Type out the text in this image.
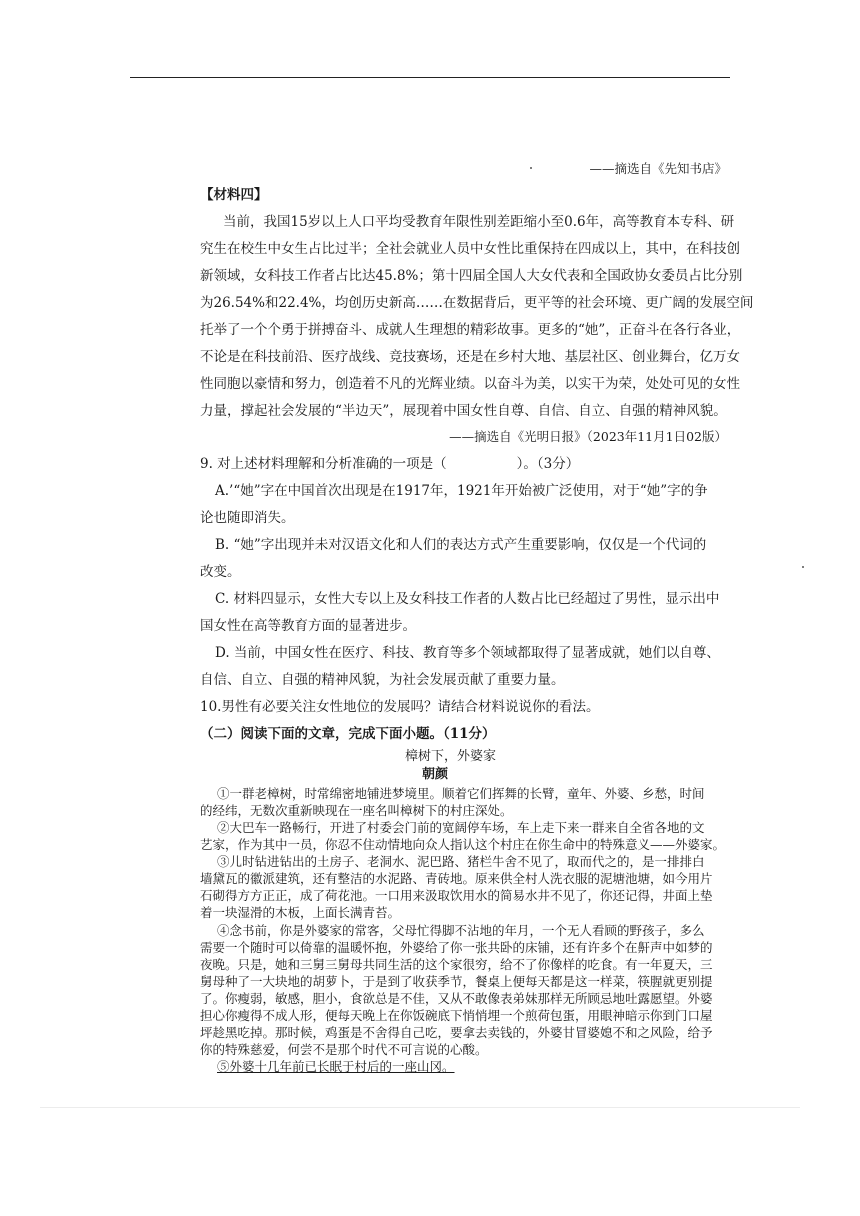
——摘选自《先知书店》
【材料四】
当前，我国15岁以上人口平均受教育年限性别差距缩小至0.6年，高等教育本专科、研
究生在校生中女生占比过半；全社会就业人员中女性比重保持在四成以上，其中，在科技创
新领域，女科技工作者占比达45.8%；第十四届全国人大女代表和全国政协女委员占比分别
为26.54%和22.4%，均创历史新高……在数据背后，更平等的社会环境、更广阔的发展空间
托举了一个个勇于拼搏奋斗、成就人生理想的精彩故事。更多的“她”，正奋斗在各行各业，
不论是在科技前沿、医疗战线、竞技赛场，还是在乡村大地、基层社区、创业舞台，亿万女
性同胞以豪情和努力，创造着不凡的光辉业绩。以奋斗为美，以实干为荣，处处可见的女性
力量，撑起社会发展的“半边天”，展现着中国女性自尊、自信、自立、自强的精神风貌。
——摘选自《光明日报》（2023年11月1日02版）
9. 对上述材料理解和分析准确的一项是（	）。（3分）
A.’“她”字在中国首次出现是在1917年，1921年开始被广泛使用，对于“她”字的争
论也随即消失。
B. “她”字出现并未对汉语文化和人们的表达方式产生重要影响，仅仅是一个代词的
改变。
C. 材料四显示，女性大专以上及女科技工作者的人数占比已经超过了男性，显示出中
国女性在高等教育方面的显著进步。
D. 当前，中国女性在医疗、科技、教育等多个领域都取得了显著成就，她们以自尊、
自信、自立、自强的精神风貌，为社会发展贡献了重要力量。
10.男性有必要关注女性地位的发展吗？请结合材料说说你的看法。
（二）阅读下面的文章，完成下面小题。（11分）
樟树下，外婆家
朝颜
①一群老樟树，时常绵密地铺进梦境里。顺着它们挥舞的长臂，童年、外婆、乡愁，时间
的经纬，无数次重新映现在一座名叫樟树下的村庄深处。
②大巴车一路畅行，开进了村委会门前的宽阔停车场，车上走下来一群来自全省各地的文
艺家，作为其中一员，你忍不住动情地向众人指认这个村庄在你生命中的特殊意义——外婆家。
③儿时钻进钻出的土房子、老洞水、泥巴路、猪栏牛舍不见了，取而代之的，是一排排白
墙黛瓦的徽派建筑，还有整洁的水泥路、青砖地。原来供全村人洗衣服的泥塘池塘，如今用片
石砌得方方正正，成了荷花池。一口用来汲取饮用水的简易水井不见了，你还记得，井面上垫
着一块湿滑的木板，上面长满青苔。
④念书前，你是外婆家的常客，父母忙得脚不沾地的年月，一个无人看顾的野孩子，多么
需要一个随时可以倚靠的温暖怀抱，外婆给了你一张共卧的床铺，还有许多个在鼾声中如梦的
夜晚。只是，她和三舅三舅母共同生活的这个家很穷，给不了你像样的吃食。有一年夏天，三
舅母种了一大块地的胡萝卜，于是到了收获季节，餐桌上便每天都是这一样菜，筷腥就更别提
了。你瘦弱，敏感，胆小，食欲总是不佳，又从不敢像表弟妹那样无所顾忌地吐露愿望。外婆
担心你瘦得不成人形，便每天晚上在你饭碗底下悄悄埋一个煎荷包蛋，用眼神暗示你到门口屋
坪趁黑吃掉。那时候，鸡蛋是不舍得自己吃，要拿去卖钱的，外婆甘冒婆媳不和之风险，给予
你的特殊慈爱，何尝不是那个时代不可言说的心酸。
⑤外婆十几年前已长眠于村后的一座山冈。
